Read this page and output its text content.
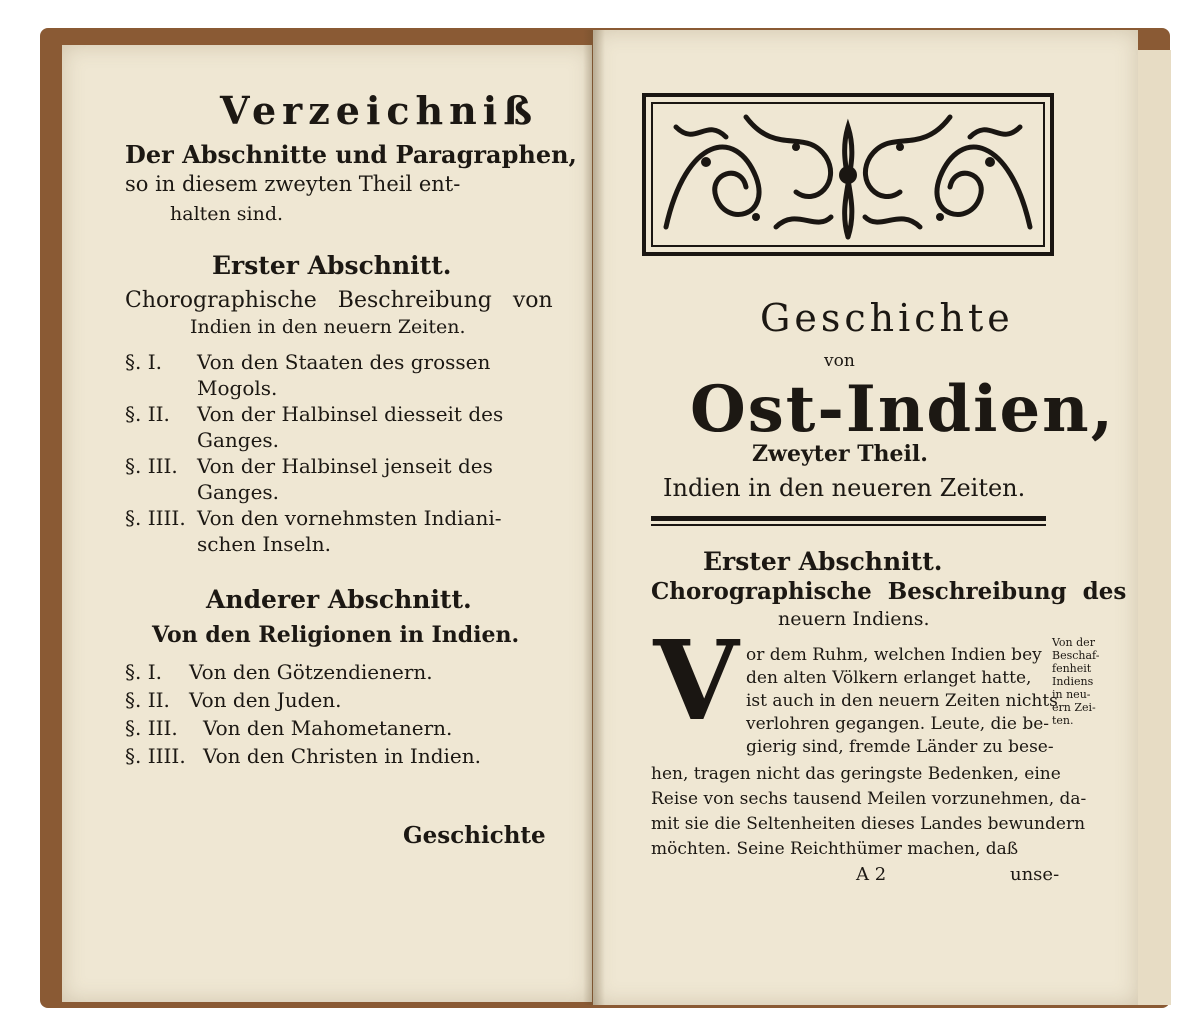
Verzeichniß
Der Abschnitte und Paragraphen,
so in diesem zweyten Theil ent-
halten sind.
Erster Abschnitt.
Chorographische Beschreibung von
Indien in den neuern Zeiten.
§. I.	Von den Staaten des grossen
Mogols.
§. II.	Von der Halbinsel diesseit des
Ganges.
§. III. Von der Halbinsel jenseit des
Ganges.
§. IIII. Von den vornehmsten Indiani-
schen Inseln.
Anderer Abschnitt.
Von den Religionen in Indien.
§. I.	Von den Götzendienern.
§. II. Von den Juden.
§. III.	Von den Mahometanern.
§. IIII. Von den Christen in Indien.
Geschichte
Geschichte
von
Ost-Indien,
Zweyter Theil.
Indien in den neueren Zeiten.
Erster Abschnitt.
Chorographische Beschreibung des
neuern Indiens.
V or dem Ruhm, welchen Indien bey
den alten Völkern erlanget hatte,
ist auch in den neuern Zeiten nichts
verlohren gegangen. Leute, die be-
gierig sind, fremde Länder zu bese-
hen, tragen nicht das geringste Bedenken, eine
Reise von sechs tausend Meilen vorzunehmen, da-
mit sie die Seltenheiten dieses Landes bewundern
möchten. Seine Reichthümer machen, daß
Von der
Beschaf-
fenheit
Indiens
in neu-
ern Zei-
ten.
A 2	unse-
